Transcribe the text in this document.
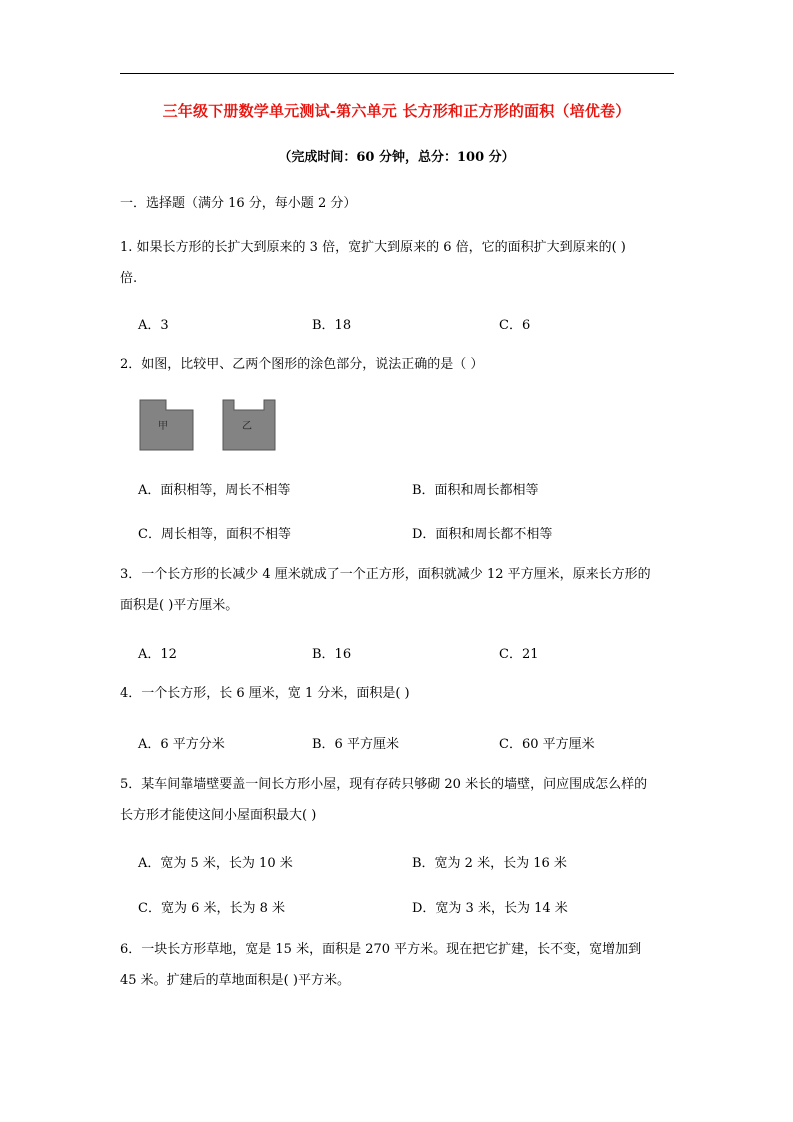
三年级下册数学单元测试-第六单元 长方形和正方形的面积（培优卷）
（完成时间：60 分钟，总分：100 分）
一．选择题（满分 16 分，每小题 2 分）
1. 如果长方形的长扩大到原来的 3 倍，宽扩大到原来的 6 倍，它的面积扩大到原来的( )
倍.
A．3	B．18	C．6
2．如图，比较甲、乙两个图形的涂色部分，说法正确的是（ ）
甲	乙
A．面积相等，周长不相等	B．面积和周长都相等
C．周长相等，面积不相等	D．面积和周长都不相等
3．一个长方形的长减少 4 厘米就成了一个正方形，面积就减少 12 平方厘米，原来长方形的
面积是( )平方厘米。
A．12	B．16	C．21
4．一个长方形，长 6 厘米，宽 1 分米，面积是( )
A．6 平方分米	B．6 平方厘米	C．60 平方厘米
5．某车间靠墙壁要盖一间长方形小屋，现有存砖只够砌 20 米长的墙壁，问应围成怎么样的
长方形才能使这间小屋面积最大( )
A．宽为 5 米，长为 10 米	B．宽为 2 米，长为 16 米
C．宽为 6 米，长为 8 米	D．宽为 3 米，长为 14 米
6．一块长方形草地，宽是 15 米，面积是 270 平方米。现在把它扩建，长不变，宽增加到
45 米。扩建后的草地面积是( )平方米。
